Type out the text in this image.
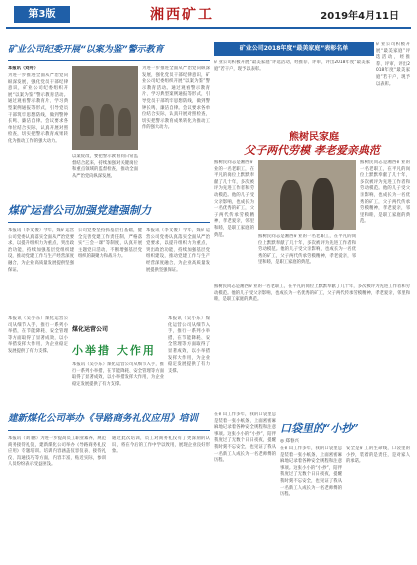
第3版	湘西矿工	2019年4月11日
矿业公司纪委开展“以案为鉴”警示教育
本报讯（刘舟）
为进一步推进全面从严治党向纵深发展，强化党员干部纪律意识，矿业公司纪委组织开展“以案为鉴”警示教育活动。通过观看警示教育片、学习典型案例通报等形式，引导党员干部筑牢思想防线，做到警钟长鸣、廉洁自律。会议要求各单位结合实际，认真开展对照检查，切实把警示教育成果转化为推动工作的强大动力。
以案促改，要把警示教育同日常监督结合起来，持续加强对关键岗位和重点领域的监督检查，推动全面从严治党向纵深发展。
为进一步推进全面从严治党向纵深发展，强化党员干部纪律意识，矿业公司纪委组织开展“以案为鉴”警示教育活动。通过观看警示教育片、学习典型案例通报等形式，引导党员干部筑牢思想防线，做到警钟长鸣、廉洁自律。会议要求各单位结合实际，认真开展对照检查，切实把警示教育成果转化为推动工作的强大动力。
矿业公司2018年度“最美家庭”表彰名单
矿业公司积极开展“最美家庭”评选活动，经推荐、评审，评出2018年度“最美家庭”若干户，现予以表彰。
矿业公司积极开展“最美家庭”评选活动，经推荐、评审，评出2018年度“最美家庭”若干户，现予以表彰。
熊树民家庭
父子两代劳模 孝老爱亲典范
熊树民同志是湘西矿业的一名老职工，在平凡的岗位上默默奉献了几十年，多次被评为先进工作者和劳动模范。他的儿子受父亲影响，也成长为一名优秀的矿工，父子两代传承劳模精神，孝老爱亲，邻里和睦，是职工家庭的典范。	熊树民同志是湘西矿业的一名老职工，在平凡的岗位上默默奉献了几十年，多次被评为先进工作者和劳动模范。他的儿子受父亲影响，也成长为一名优秀的矿工，父子两代传承劳模精神，孝老爱亲，邻里和睦，是职工家庭的典范。
熊树民同志是湘西矿业的一名老职工，在平凡的岗位上默默奉献了几十年，多次被评为先进工作者和劳动模范。他的儿子受父亲影响，也成长为一名优秀的矿工，父子两代传承劳模精神，孝老爱亲，邻里和睦，是职工家庭的典范。
煤矿运营公司加强党建强制力
本报讯（李文俊）今年，煤矿运营公司党委认真落实全面从严治党要求，以提升组织力为重点，突出政治功能，持续加强基层党组织建设，推动党建工作与生产经营深度融合，为企业高质量发展提供坚强保证。
公司党委坚持抓基层打基础，健全完善党建工作责任制，严格落实“三会一课”等制度，认真开展主题党日活动，不断增强基层党组织的凝聚力和战斗力。
本报讯（李文俊）今年，煤矿运营公司党委认真落实全面从严治党要求，以提升组织力为重点，突出政治功能，持续加强基层党组织建设，推动党建工作与生产经营深度融合，为企业高质量发展提供坚强保证。
本报讯（吴小东）煤化运营公司从细节入手，推行一系列小举措，在节能降耗、安全管理等方面取得了显著成效，以小举措发挥大作用，为企业稳定发展提供了有力支撑。
煤化运营公司
小举措 大作用
本报讯（吴小东）煤化运营公司从细节入手，推行一系列小举措，在节能降耗、安全管理等方面取得了显著成效，以小举措发挥大作用，为企业稳定发展提供了有力支撑。
本报讯（吴小东）煤化运营公司从细节入手，推行一系列小举措，在节能降耗、安全管理等方面取得了显著成效，以小举措发挥大作用，为企业稳定发展提供了有力支撑。
熊树民同志是湘西矿业的一名老职工，在平凡的岗位上默默奉献了几十年，多次被评为先进工作者和劳动模范。他的儿子受父亲影响，也成长为一名优秀的矿工，父子两代传承劳模精神，孝老爱亲，邻里和睦，是职工家庭的典范。
建新煤化公司举办《导路商务礼仪应用》培训
本报讯（刘 鹏）为进一步提高员工职业素养，规范商务接待礼仪，建新煤化公司举办《导路商务礼仪应用》专题培训。培训内容涵盖仪容仪表、接待礼仪、沟通技巧等方面，内容丰富，贴近实际，参训人员纷纷表示受益匪浅。
通过此次培训，员工对商务礼仪有了更深刻的认识，将在今后的工作中学以致用，展现企业良好形象。
在矿山工作多年，我的口袋里总是装着一张小纸条，上面密密麻麻地记录着各种安全规程和注意事项。这张小小的“小抄”，陪伴我度过了无数个日日夜夜，提醒我时刻不忘安全，也见证了我从一名新工人成长为一名老师傅的历程。
口袋里的“小抄”
◎ 郑春兴
在矿山工作多年，我的口袋里总是装着一张小纸条，上面密密麻麻地记录着各种安全规程和注意事项。这张小小的“小抄”，陪伴我度过了无数个日日夜夜，提醒我时刻不忘安全，也见证了我从一名新工人成长为一名老师傅的历程。
安全是矿工的生命线，口袋里的小抄，装着的是责任，是对家人的承诺。
